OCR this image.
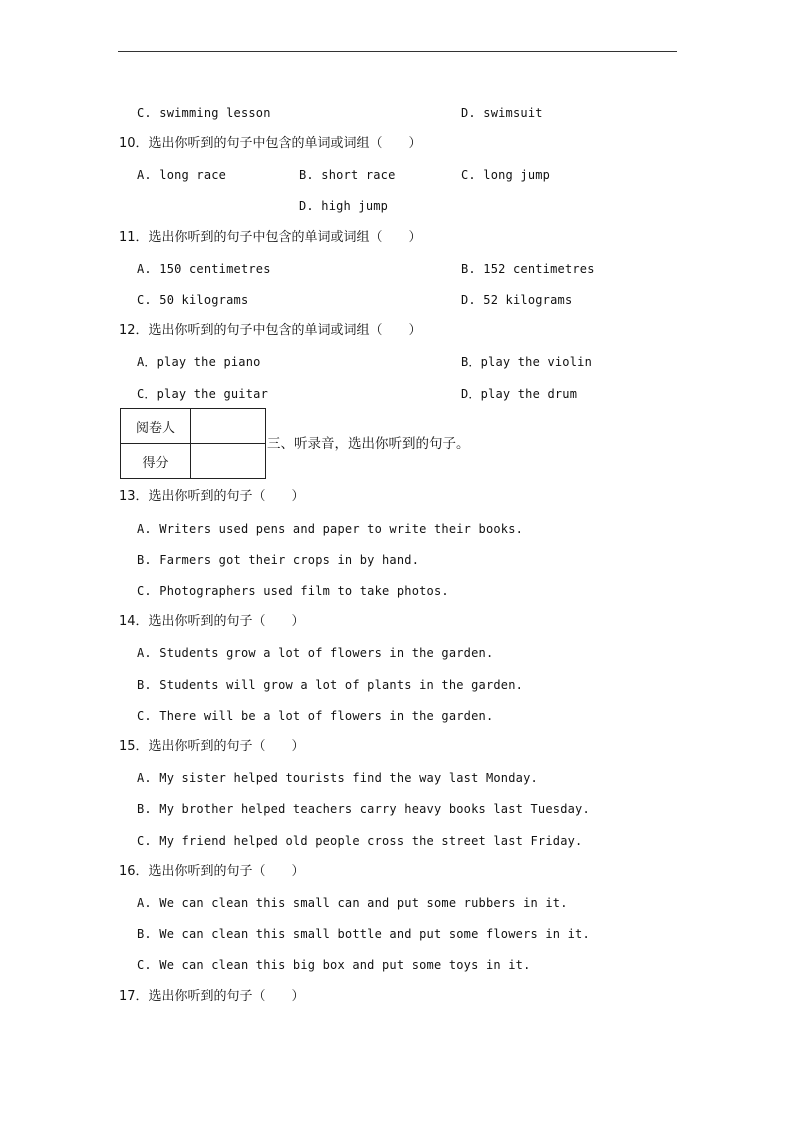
C. swimming lesson	D. swimsuit
10．选出你听到的句子中包含的单词或词组（　　）
A. long race	B. short race	C. long jump
D. high jump
11．选出你听到的句子中包含的单词或词组（　　）
A. 150 centimetres	B. 152 centimetres
C. 50 kilograms	D. 52 kilograms
12．选出你听到的句子中包含的单词或词组（　　）
A．play the piano	B．play the violin
C．play the guitar	D．play the drum
阅卷人	
得分	
三、听录音，选出你听到的句子。
13．选出你听到的句子（　　）
A. Writers used pens and paper to write their books.
B. Farmers got their crops in by hand.
C. Photographers used film to take photos.
14．选出你听到的句子（　　）
A. Students grow a lot of flowers in the garden.
B. Students will grow a lot of plants in the garden.
C. There will be a lot of flowers in the garden.
15．选出你听到的句子（　　）
A. My sister helped tourists find the way last Monday.
B. My brother helped teachers carry heavy books last Tuesday.
C. My friend helped old people cross the street last Friday.
16．选出你听到的句子（　　）
A. We can clean this small can and put some rubbers in it.
B. We can clean this small bottle and put some flowers in it.
C. We can clean this big box and put some toys in it.
17．选出你听到的句子（　　）
